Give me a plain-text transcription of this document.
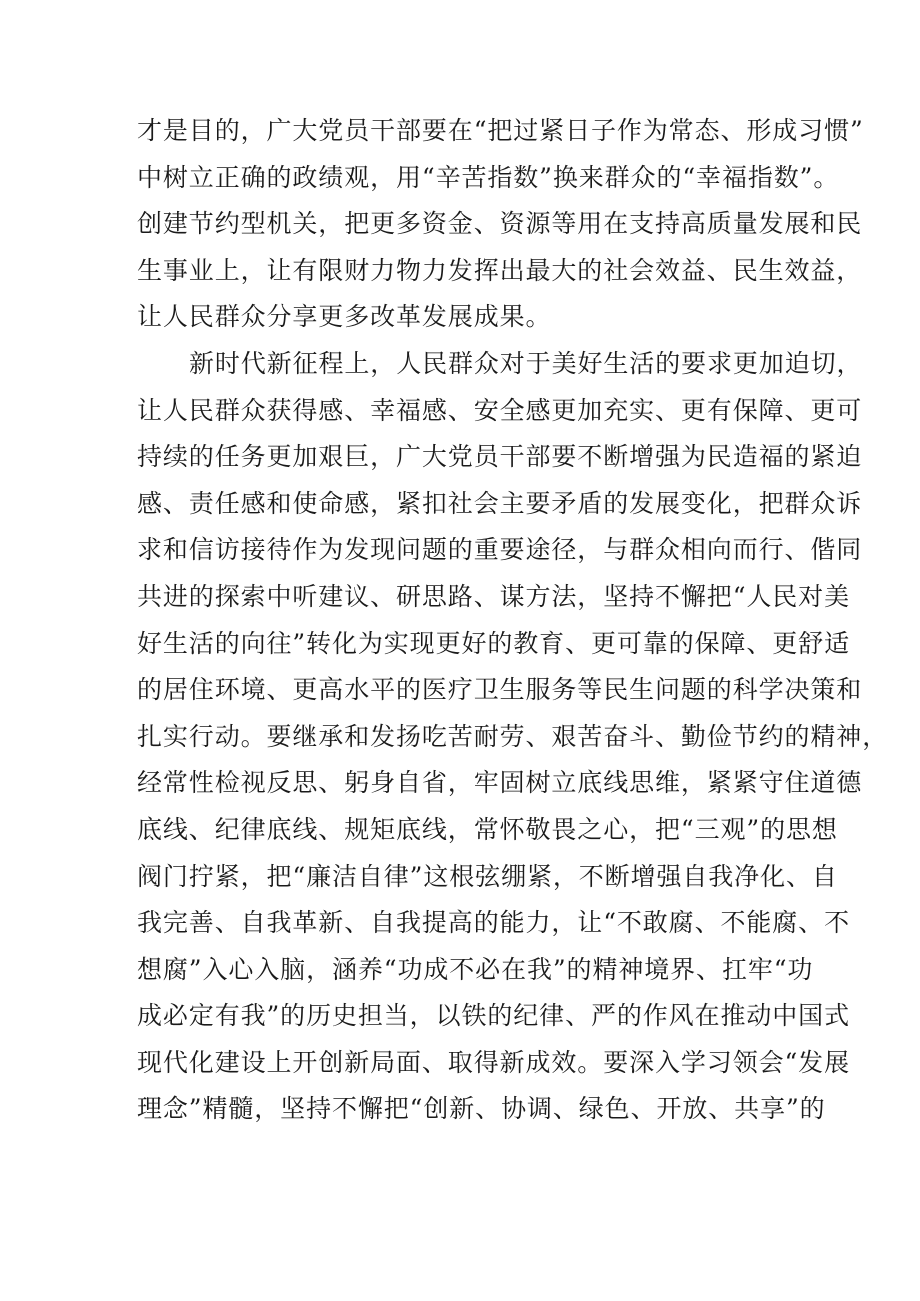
才是目的，广大党员干部要在“把过紧日子作为常态、形成习惯”
中树立正确的政绩观，用“辛苦指数”换来群众的“幸福指数”。
创建节约型机关，把更多资金、资源等用在支持高质量发展和民
生事业上，让有限财力物力发挥出最大的社会效益、民生效益，
让人民群众分享更多改革发展成果。
新时代新征程上，人民群众对于美好生活的要求更加迫切，
让人民群众获得感、幸福感、安全感更加充实、更有保障、更可
持续的任务更加艰巨，广大党员干部要不断增强为民造福的紧迫
感、责任感和使命感，紧扣社会主要矛盾的发展变化，把群众诉
求和信访接待作为发现问题的重要途径，与群众相向而行、偕同
共进的探索中听建议、研思路、谋方法，坚持不懈把“人民对美
好生活的向往”转化为实现更好的教育、更可靠的保障、更舒适
的居住环境、更高水平的医疗卫生服务等民生问题的科学决策和
扎实行动。要继承和发扬吃苦耐劳、艰苦奋斗、勤俭节约的精神，
经常性检视反思、躬身自省，牢固树立底线思维，紧紧守住道德
底线、纪律底线、规矩底线，常怀敬畏之心，把“三观”的思想
阀门拧紧，把“廉洁自律”这根弦绷紧，不断增强自我净化、自
我完善、自我革新、自我提高的能力，让“不敢腐、不能腐、不
想腐”入心入脑，涵养“功成不必在我”的精神境界、扛牢“功
成必定有我”的历史担当，以铁的纪律、严的作风在推动中国式
现代化建设上开创新局面、取得新成效。要深入学习领会“发展
理念”精髓，坚持不懈把“创新、协调、绿色、开放、共享”的
